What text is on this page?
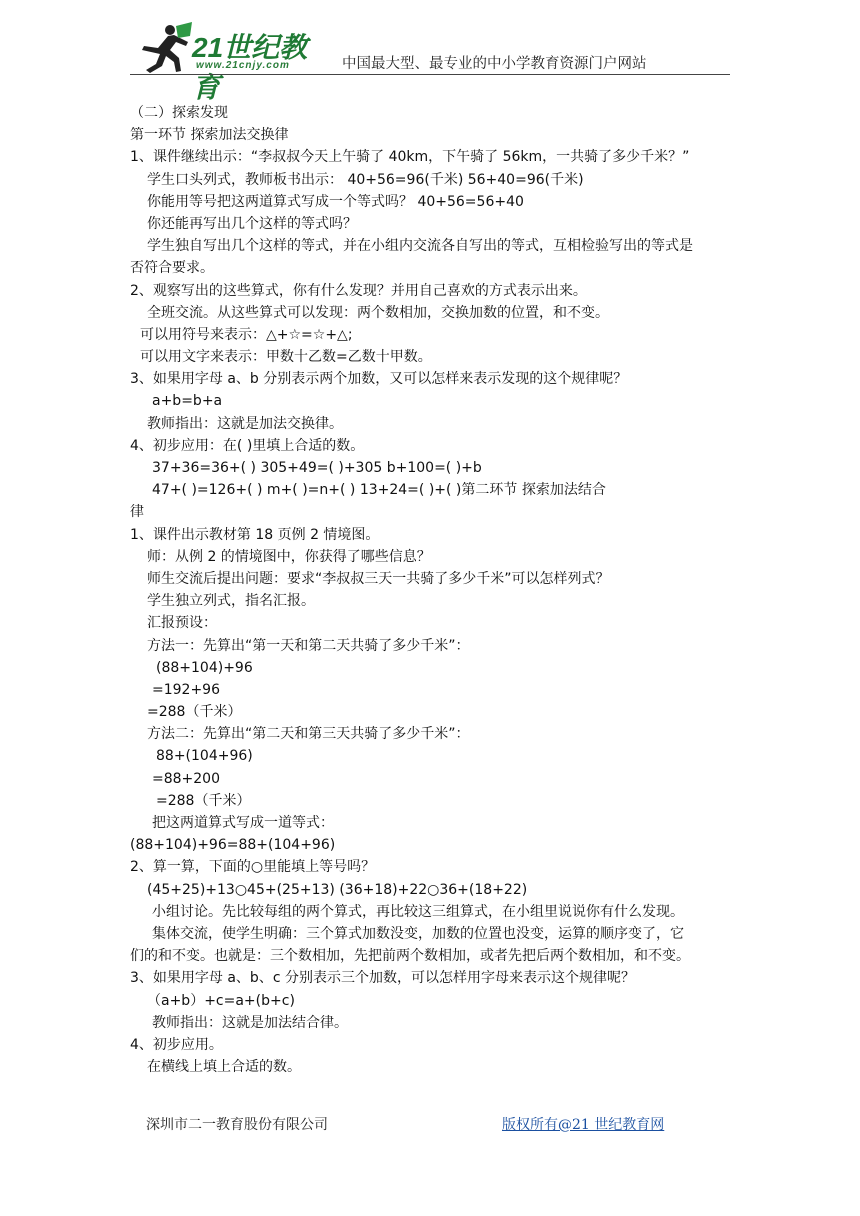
21世纪教育
www.21cnjy.com	中国最大型、最专业的中小学教育资源门户网站
（二）探索发现
第一环节 探索加法交换律
1、课件继续出示：“李叔叔今天上午骑了 40km，下午骑了 56km，一共骑了多少千米？”
学生口头列式，教师板书出示： 40+56=96(千米) 56+40=96(千米)
你能用等号把这两道算式写成一个等式吗？ 40+56=56+40
你还能再写出几个这样的等式吗？
学生独自写出几个这样的等式，并在小组内交流各自写出的等式，互相检验写出的等式是
否符合要求。
2、观察写出的这些算式，你有什么发现？并用自己喜欢的方式表示出来。
全班交流。从这些算式可以发现：两个数相加，交换加数的位置，和不变。
可以用符号来表示：△+☆=☆+△;
可以用文字来表示：甲数十乙数=乙数十甲数。
3、如果用字母 a、b 分别表示两个加数，又可以怎样来表示发现的这个规律呢？
a+b=b+a
教师指出：这就是加法交换律。
4、初步应用：在( )里填上合适的数。
37+36=36+( ) 305+49=( )+305 b+100=( )+b
47+( )=126+( ) m+( )=n+( ) 13+24=( )+( )第二环节 探索加法结合
律
1、课件出示教材第 18 页例 2 情境图。
师：从例 2 的情境图中，你获得了哪些信息？
师生交流后提出问题：要求“李叔叔三天一共骑了多少千米”可以怎样列式？
学生独立列式，指名汇报。
汇报预设：
方法一：先算出“第一天和第二天共骑了多少千米”：
(88+104)+96
=192+96
=288（千米）
方法二：先算出“第二天和第三天共骑了多少千米”：
88+(104+96)
=88+200
=288（千米）
把这两道算式写成一道等式：
(88+104)+96=88+(104+96)
2、算一算，下面的○里能填上等号吗？
(45+25)+13○45+(25+13) (36+18)+22○36+(18+22)
小组讨论。先比较每组的两个算式，再比较这三组算式，在小组里说说你有什么发现。
集体交流，使学生明确：三个算式加数没变，加数的位置也没变，运算的顺序变了，它
们的和不变。也就是：三个数相加，先把前两个数相加，或者先把后两个数相加，和不变。
3、如果用字母 a、b、c 分别表示三个加数，可以怎样用字母来表示这个规律呢？
（a+b）+c=a+(b+c)
教师指出：这就是加法结合律。
4、初步应用。
在横线上填上合适的数。
深圳市二一教育股份有限公司	版权所有@21 世纪教育网
